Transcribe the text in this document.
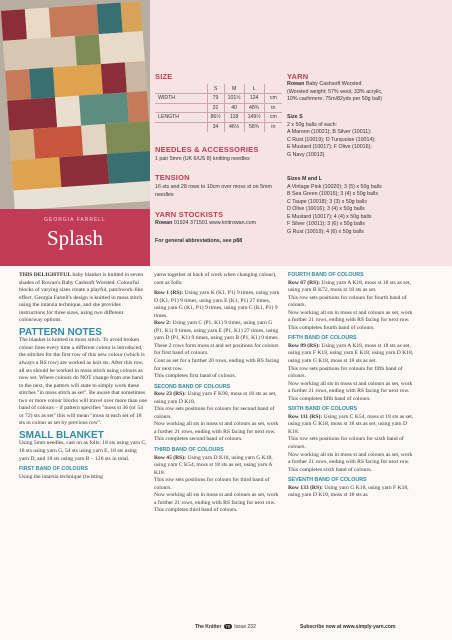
GEORGIA FARRELL
Splash
SIZE
	S	M	L	
WIDTH	79	101½	124	cm
	31	40	48¾	in
LENGTH	86½	118	149½	cm
	34	46½	58¾	in
NEEDLES & ACCESSORIES
1 pair 5mm (UK 6/US 8) knitting needles
TENSION
16 sts and 28 rows to 10cm over moss st on 5mm needles
YARN STOCKISTS
Rowan 01924 371501 www.knitrowan.com
For general abbreviations, see p88
YARN
Rowan Baby Cashsoft Worsted
(Worsted weight; 57% wool, 33% acrylic,
10% cashmere; 75m/82yds per 50g ball)
Size S
2 x 50g balls of each:
A Maroon (10021); B Silver (10011);
C Rust (10019); D Turquoise (10014);
E Mustard (10017); F Olive (10016);
G Navy (10013)
Sizes M and L
A Vintage Pink (10020); 3 (5) x 50g balls
B Sea Green (10015); 3 (4) x 50g balls
C Taupe (10018); 3 (3) x 50g balls
D Olive (10016); 3 (4) x 50g balls
E Mustard (10017); 4 (4) x 50g balls
F Silver (10011); 3 (6) x 50g balls
G Rust (10019); 4 (6) x 50g balls

THIS DELIGHTFUL baby blanket is knitted in seven shades of Rowan's Baby Cashsoft Worsted. Colourful blocks of varying sizes create a playful, patchwork-like effect. Georgia Farrell's design is knitted in moss stitch using the intarsia technique, and she provides instructions for three sizes, using two different colourway options.

PATTERN NOTES

The blanket is knitted in moss stitch. To avoid broken colour lines every time a different colour is introduced, the stitches for the first row of this new colour (which is always a RS row) are worked as knit sts. After this row, all sts should be worked in moss stitch using colours as now set. Where colours do NOT change from one band to the next, the pattern will state to simply work these stitches "in moss stitch as set". Be aware that sometimes two or more colour blocks will travel over more than one band of colours – if pattern specifies "moss st 36 (or 54 or 72) sts as set" this will mean "moss st each set of 18 sts in colour as set by previous row".

SMALL BLANKET

Using 5mm needles, cast on as folls: 18 sts using yarn C, 18 sts using yarn G, 54 sts using yarn E, 18 sts using yarn D, and 18 sts using yarn B – 126 sts in total.

FIRST BAND OF COLOURS

Using the intarsia technique (twisting

yarns together at back of work when changing colour), cont as folls:

Row 1 (RS): Using yarn K (K1, P1) 9 times, using yarn D (K1, P1) 9 times, using yarn E (K1, P1) 27 times, using yarn G (K1, P1) 9 times, using yarn C (K1, P1) 9 times.

Row 2: Using yarn C (P1, K1) 9 times, using yarn G (P1, K1) 9 times, using yarn E (P1, K1) 27 times, using yarn D (P1, K1) 9 times, using yarn B (P1, K1) 9 times.

These 2 rows form moss st and set positions for colours for first band of colours.

Cont as set for a further 20 rows, ending with RS facing for next row.

This completes first band of colours.

SECOND BAND OF COLOURS

Row 23 (RS): Using yarn F K90, moss st 18 sts as set, using yarn D K18.

This row sets positions for colours for second band of colours.

Now working all sts in moss st and colours as set, work a further 21 rows, ending with RS facing for next row.

This completes second band of colours.

THIRD BAND OF COLOURS

Row 45 (RS): Using yarn D K18, using yarn G K18, using yarn C K54, moss st 18 sts as set, using yarn A K18.

This row sets positions for colours for third band of colours.

Now working all sts in moss st and colours as set, work a further 21 rows, ending with RS facing for next row.

This completes third band of colours.

FOURTH BAND OF COLOURS

Row 67 (RS): Using yarn A K18, moss st 18 sts as set, using yarn B K72, moss st 18 sts as set.

This row sets positions for colours for fourth band of colours.

Now working all sts in moss st and colours as set, work a further 21 rows, ending with RS facing for next row.

This completes fourth band of colours.

FIFTH BAND OF COLOURS

Row 89 (RS): Using yarn A K18, moss st 18 sts as set, using yarn F K18, using yarn E K18, using yarn D K18, using yarn G K18, moss st 18 sts as set.

This row sets positions for colours for fifth band of colours.

Now working all sts in moss st and colours as set, work a further 21 rows, ending with RS facing for next row.

This completes fifth band of colours.

SIXTH BAND OF COLOURS

Row 111 (RS): Using yarn C K54, moss st 18 sts as set, using yarn G K18, moss st 18 sts as set, using yarn D K18.

This row sets positions for colours for sixth band of colours.

Now working all sts in moss st and colours as set, work a further 21 rows, ending with RS facing for next row.

This completes sixth band of colours.

SEVENTH BAND OF COLOURS

Row 133 (RS): Using yarn G K18, using yarn F K18, using yarn D K18, moss st 18 sts as

The Knitter 70 Issue 232	Subscribe now at www.simply-yarn.com
